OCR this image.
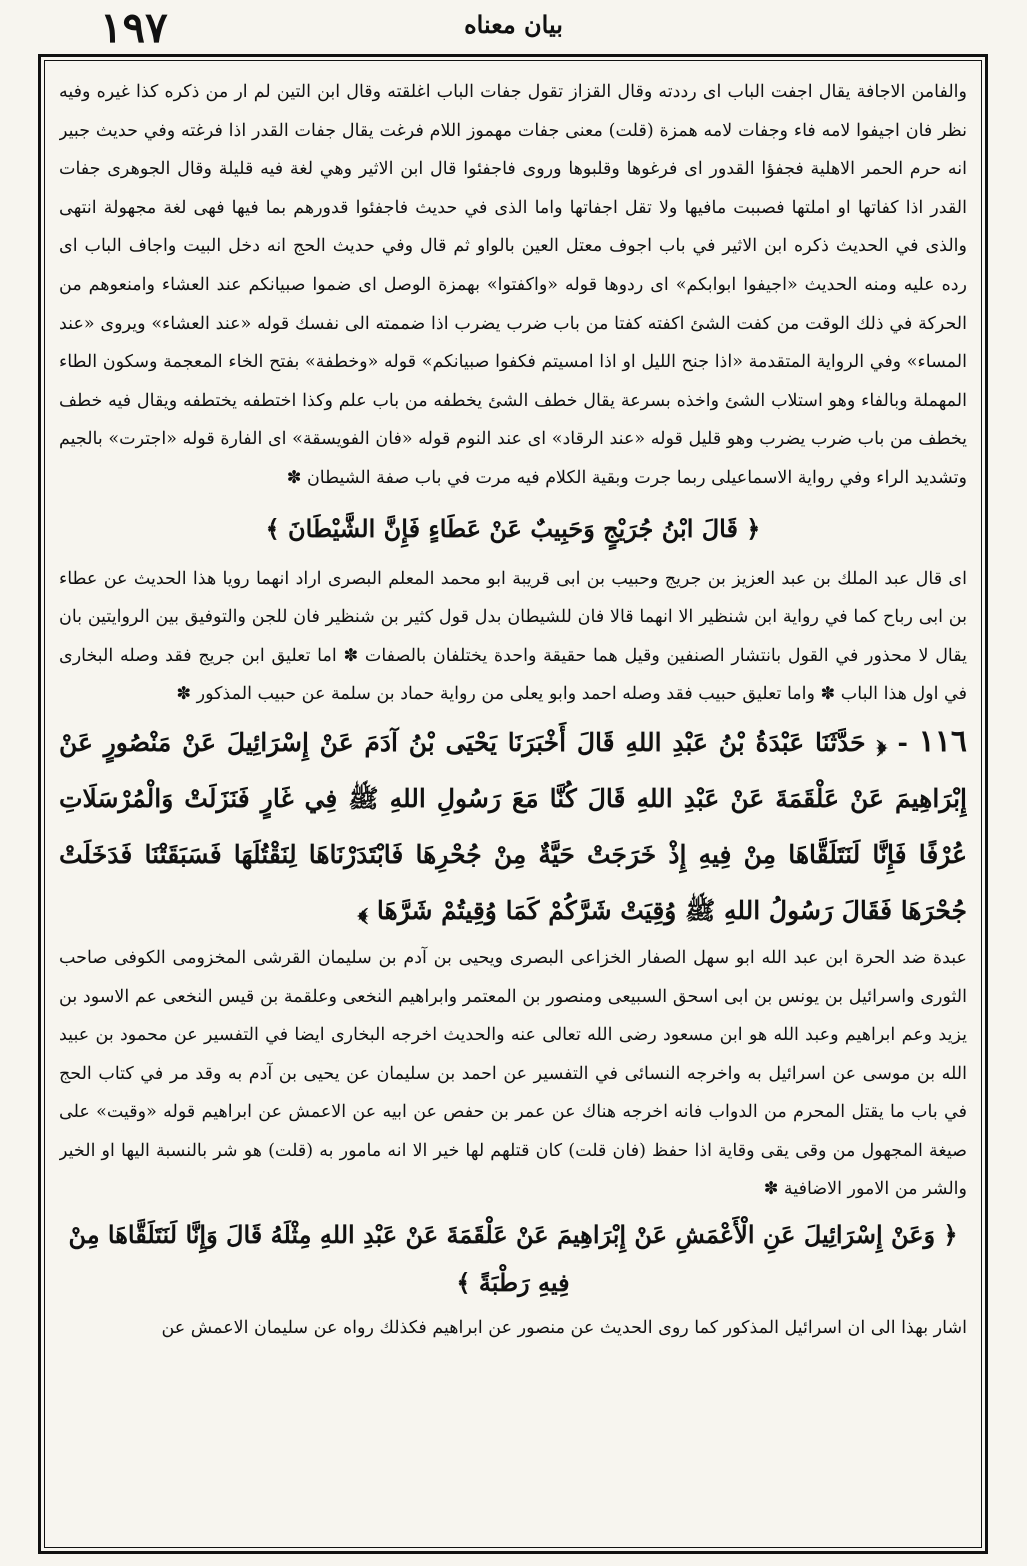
١٩٧	بيان معناه

والفامن الاجافة يقال اجفت الباب اى رددته وقال القزاز تقول جفات الباب اغلقته وقال ابن التين لم ار من ذكره كذا غيره وفيه نظر فان اجيفوا لامه فاء وجفات لامه همزة (قلت) معنى جفات مهموز اللام فرغت يقال جفات القدر اذا فرغته وفي حديث جبير انه حرم الحمر الاهلية فجفؤا القدور اى فرغوها وقلبوها وروى فاجفئوا قال ابن الاثير وهي لغة فيه قليلة وقال الجوهرى جفات القدر اذا كفاتها او املتها فصببت مافيها ولا تقل اجفاتها واما الذى في حديث فاجفئوا قدورهم بما فيها فهى لغة مجهولة انتهى والذى في الحديث ذكره ابن الاثير في باب اجوف معتل العين بالواو ثم قال وفي حديث الحج انه دخل البيت واجاف الباب اى رده عليه ومنه الحديث «اجيفوا ابوابكم» اى ردوها قوله «واكفتوا» بهمزة الوصل اى ضموا صبيانكم عند العشاء وامنعوهم من الحركة في ذلك الوقت من كفت الشئ اكفته كفتا من باب ضرب يضرب اذا ضممته الى نفسك قوله «عند العشاء» ويروى «عند المساء» وفي الرواية المتقدمة «اذا جنح الليل او اذا امسيتم فكفوا صبيانكم» قوله «وخطفة» بفتح الخاء المعجمة وسكون الطاء المهملة وبالفاء وهو استلاب الشئ واخذه بسرعة يقال خطف الشئ يخطفه من باب علم وكذا اختطفه يختطفه ويقال فيه خطف يخطف من باب ضرب يضرب وهو قليل قوله «عند الرقاد» اى عند النوم قوله «فان الفويسقة» اى الفارة قوله «اجترت» بالجيم وتشديد الراء وفي رواية الاسماعيلى ربما جرت وبقية الكلام فيه مرت في باب صفة الشيطان ✽

﴿ قَالَ ابْنُ جُرَيْجٍ وَحَبِيبٌ عَنْ عَطَاءٍ فَإِنَّ الشَّيْطَانَ ﴾

اى قال عبد الملك بن عبد العزيز بن جريج وحبيب بن ابى قريبة ابو محمد المعلم البصرى اراد انهما رويا هذا الحديث عن عطاء بن ابى رباح كما في رواية ابن شنظير الا انهما قالا فان للشيطان بدل قول كثير بن شنظير فان للجن والتوفيق بين الروايتين بان يقال لا محذور في القول بانتشار الصنفين وقيل هما حقيقة واحدة يختلفان بالصفات ✽ اما تعليق ابن جريج فقد وصله البخارى في اول هذا الباب ✽ واما تعليق حبيب فقد وصله احمد وابو يعلى من رواية حماد بن سلمة عن حبيب المذكور ✽

١١٦ - ﴿ حَدَّثَنَا عَبْدَةُ بْنُ عَبْدِ اللهِ قَالَ أَخْبَرَنَا يَحْيَى بْنُ آدَمَ عَنْ إِسْرَائِيلَ عَنْ مَنْصُورٍ عَنْ إِبْرَاهِيمَ عَنْ عَلْقَمَةَ عَنْ عَبْدِ اللهِ قَالَ كُنَّا مَعَ رَسُولِ اللهِ ﷺ فِي غَارٍ فَنَزَلَتْ وَالْمُرْسَلَاتِ عُرْفًا فَإِنَّا لَنَتَلَقَّاهَا مِنْ فِيهِ إِذْ خَرَجَتْ حَيَّةٌ مِنْ جُحْرِهَا فَابْتَدَرْنَاهَا لِنَقْتُلَهَا فَسَبَقَتْنَا فَدَخَلَتْ جُحْرَهَا فَقَالَ رَسُولُ اللهِ ﷺ وُقِيَتْ شَرَّكُمْ كَمَا وُقِيتُمْ شَرَّهَا ﴾

عبدة ضد الحرة ابن عبد الله ابو سهل الصفار الخزاعى البصرى ويحيى بن آدم بن سليمان القرشى المخزومى الكوفى صاحب الثورى واسرائيل بن يونس بن ابى اسحق السبيعى ومنصور بن المعتمر وابراهيم النخعى وعلقمة بن قيس النخعى عم الاسود بن يزيد وعم ابراهيم وعبد الله هو ابن مسعود رضى الله تعالى عنه والحديث اخرجه البخارى ايضا في التفسير عن محمود بن عبيد الله بن موسى عن اسرائيل به واخرجه النسائى في التفسير عن احمد بن سليمان عن يحيى بن آدم به وقد مر في كتاب الحج في باب ما يقتل المحرم من الدواب فانه اخرجه هناك عن عمر بن حفص عن ابيه عن الاعمش عن ابراهيم قوله «وقيت» على صيغة المجهول من وقى يقى وقاية اذا حفظ (فان قلت) كان قتلهم لها خير الا انه مامور به (قلت) هو شر بالنسبة اليها او الخير والشر من الامور الاضافية ✽

﴿ وَعَنْ إِسْرَائِيلَ عَنِ الْأَعْمَشِ عَنْ إِبْرَاهِيمَ عَنْ عَلْقَمَةَ عَنْ عَبْدِ اللهِ مِثْلَهُ قَالَ وَإِنَّا لَنَتَلَقَّاهَا مِنْ فِيهِ رَطْبَةً ﴾

اشار بهذا الى ان اسرائيل المذكور كما روى الحديث عن منصور عن ابراهيم فكذلك رواه عن سليمان الاعمش عن
